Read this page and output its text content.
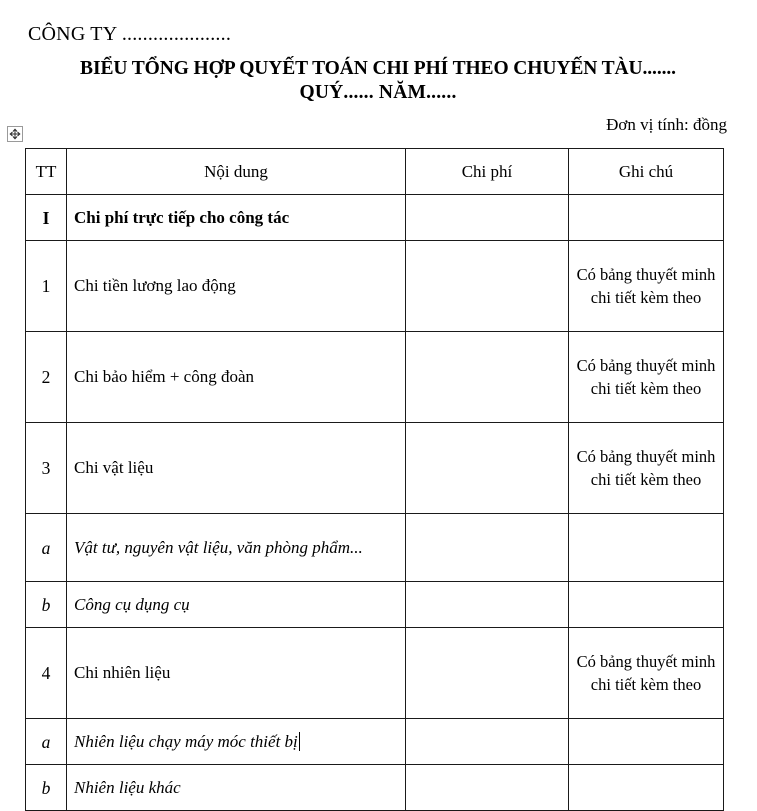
CÔNG TY .....................
BIỂU TỔNG HỢP QUYẾT TOÁN CHI PHÍ THEO CHUYẾN TÀU.......
QUÝ...... NĂM......
Đơn vị tính: đồng
TT	Nội dung	Chi phí	Ghi chú
I	Chi phí trực tiếp cho công tác		
1	Chi tiền lương lao động		Có bảng thuyết minh chi tiết kèm theo
2	Chi bảo hiểm + công đoàn		Có bảng thuyết minh chi tiết kèm theo
3	Chi vật liệu		Có bảng thuyết minh chi tiết kèm theo
a	Vật tư, nguyên vật liệu, văn phòng phẩm...		
b	Công cụ dụng cụ		
4	Chi nhiên liệu		Có bảng thuyết minh chi tiết kèm theo
a	Nhiên liệu chạy máy móc thiết bị		
b	Nhiên liệu khác		
